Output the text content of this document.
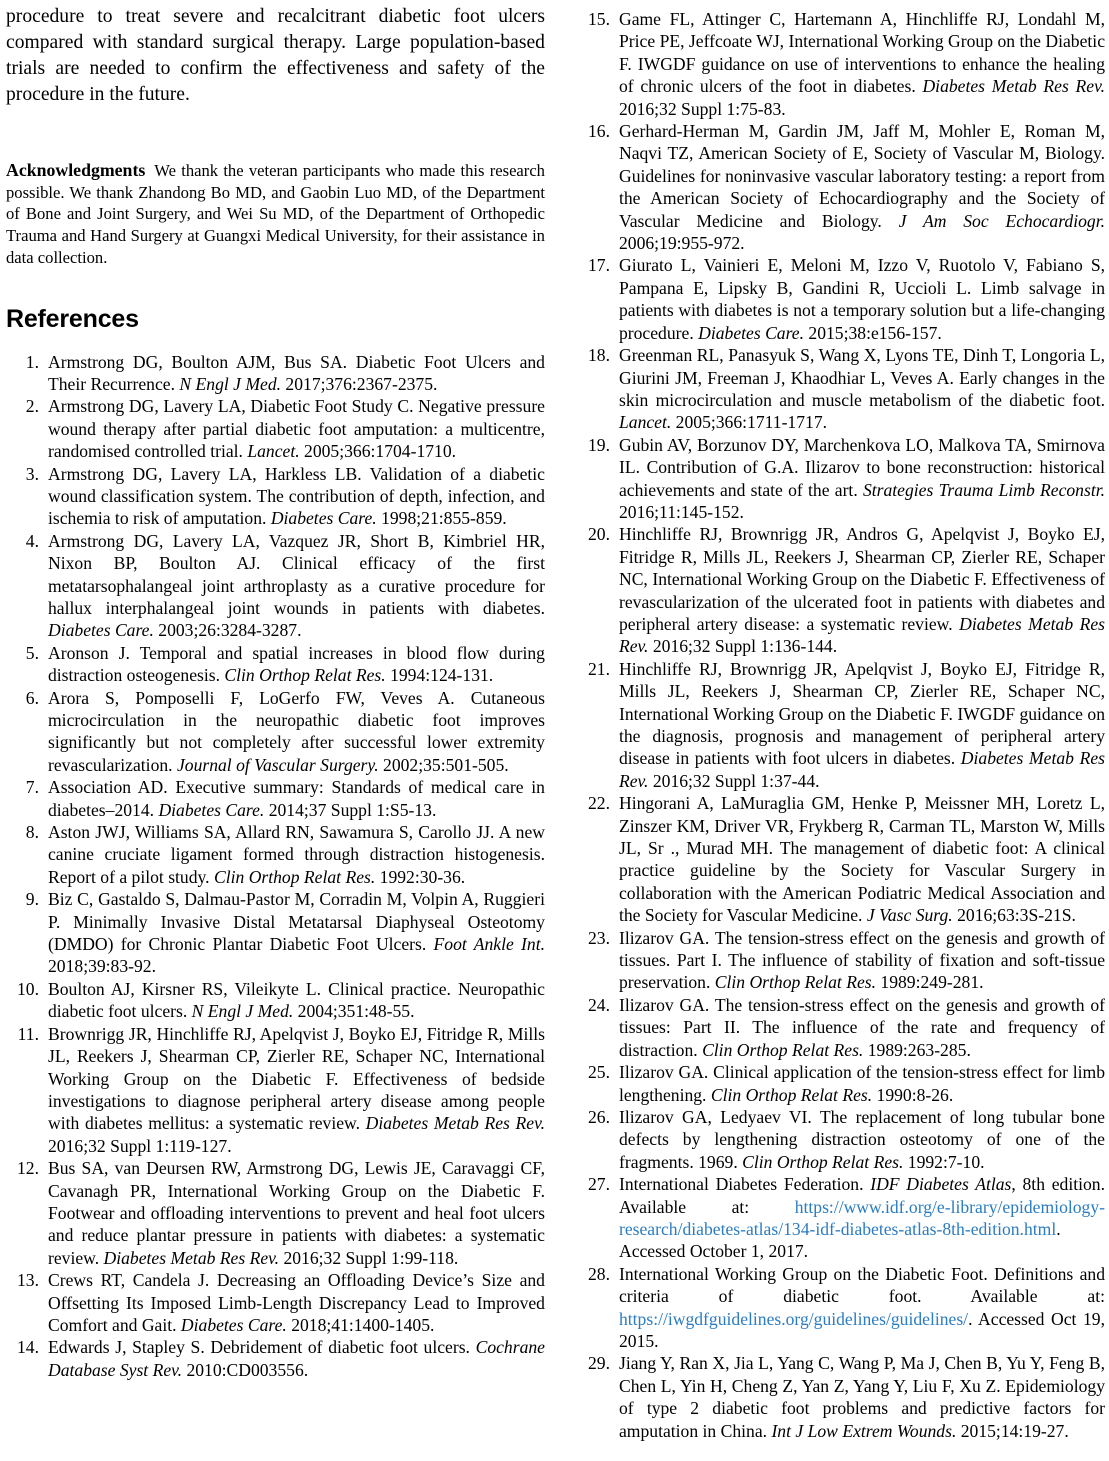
procedure to treat severe and recalcitrant diabetic foot ulcers compared with standard surgical therapy. Large population-based trials are needed to confirm the effectiveness and safety of the procedure in the future.

Acknowledgments We thank the veteran participants who made this research possible. We thank Zhandong Bo MD, and Gaobin Luo MD, of the Department of Bone and Joint Surgery, and Wei Su MD, of the Department of Orthopedic Trauma and Hand Surgery at Guangxi Medical University, for their assistance in data collection.

References
1. Armstrong DG, Boulton AJM, Bus SA. Diabetic Foot Ulcers and Their Recurrence. N Engl J Med. 2017;376:2367-2375.
2. Armstrong DG, Lavery LA, Diabetic Foot Study C. Negative pressure wound therapy after partial diabetic foot amputation: a multicentre, randomised controlled trial. Lancet. 2005;366:1704-1710.
3. Armstrong DG, Lavery LA, Harkless LB. Validation of a diabetic wound classification system. The contribution of depth, infection, and ischemia to risk of amputation. Diabetes Care. 1998;21:855-859.
4. Armstrong DG, Lavery LA, Vazquez JR, Short B, Kimbriel HR, Nixon BP, Boulton AJ. Clinical efficacy of the first metatarsophalangeal joint arthroplasty as a curative procedure for hallux interphalangeal joint wounds in patients with diabetes. Diabetes Care. 2003;26:3284-3287.
5. Aronson J. Temporal and spatial increases in blood flow during distraction osteogenesis. Clin Orthop Relat Res. 1994:124-131.
6. Arora S, Pomposelli F, LoGerfo FW, Veves A. Cutaneous microcirculation in the neuropathic diabetic foot improves significantly but not completely after successful lower extremity revascularization. Journal of Vascular Surgery. 2002;35:501-505.
7. Association AD. Executive summary: Standards of medical care in diabetes–2014. Diabetes Care. 2014;37 Suppl 1:S5-13.
8. Aston JWJ, Williams SA, Allard RN, Sawamura S, Carollo JJ. A new canine cruciate ligament formed through distraction histogenesis. Report of a pilot study. Clin Orthop Relat Res. 1992:30-36.
9. Biz C, Gastaldo S, Dalmau-Pastor M, Corradin M, Volpin A, Ruggieri P. Minimally Invasive Distal Metatarsal Diaphyseal Osteotomy (DMDO) for Chronic Plantar Diabetic Foot Ulcers. Foot Ankle Int. 2018;39:83-92.
10. Boulton AJ, Kirsner RS, Vileikyte L. Clinical practice. Neuropathic diabetic foot ulcers. N Engl J Med. 2004;351:48-55.
11. Brownrigg JR, Hinchliffe RJ, Apelqvist J, Boyko EJ, Fitridge R, Mills JL, Reekers J, Shearman CP, Zierler RE, Schaper NC, International Working Group on the Diabetic F. Effectiveness of bedside investigations to diagnose peripheral artery disease among people with diabetes mellitus: a systematic review. Diabetes Metab Res Rev. 2016;32 Suppl 1:119-127.
12. Bus SA, van Deursen RW, Armstrong DG, Lewis JE, Caravaggi CF, Cavanagh PR, International Working Group on the Diabetic F. Footwear and offloading interventions to prevent and heal foot ulcers and reduce plantar pressure in patients with diabetes: a systematic review. Diabetes Metab Res Rev. 2016;32 Suppl 1:99-118.
13. Crews RT, Candela J. Decreasing an Offloading Device’s Size and Offsetting Its Imposed Limb-Length Discrepancy Lead to Improved Comfort and Gait. Diabetes Care. 2018;41:1400-1405.
14. Edwards J, Stapley S. Debridement of diabetic foot ulcers. Cochrane Database Syst Rev. 2010:CD003556.
15. Game FL, Attinger C, Hartemann A, Hinchliffe RJ, Londahl M, Price PE, Jeffcoate WJ, International Working Group on the Diabetic F. IWGDF guidance on use of interventions to enhance the healing of chronic ulcers of the foot in diabetes. Diabetes Metab Res Rev. 2016;32 Suppl 1:75-83.
16. Gerhard-Herman M, Gardin JM, Jaff M, Mohler E, Roman M, Naqvi TZ, American Society of E, Society of Vascular M, Biology. Guidelines for noninvasive vascular laboratory testing: a report from the American Society of Echocardiography and the Society of Vascular Medicine and Biology. J Am Soc Echocardiogr. 2006;19:955-972.
17. Giurato L, Vainieri E, Meloni M, Izzo V, Ruotolo V, Fabiano S, Pampana E, Lipsky B, Gandini R, Uccioli L. Limb salvage in patients with diabetes is not a temporary solution but a life-changing procedure. Diabetes Care. 2015;38:e156-157.
18. Greenman RL, Panasyuk S, Wang X, Lyons TE, Dinh T, Longoria L, Giurini JM, Freeman J, Khaodhiar L, Veves A. Early changes in the skin microcirculation and muscle metabolism of the diabetic foot. Lancet. 2005;366:1711-1717.
19. Gubin AV, Borzunov DY, Marchenkova LO, Malkova TA, Smirnova IL. Contribution of G.A. Ilizarov to bone reconstruction: historical achievements and state of the art. Strategies Trauma Limb Reconstr. 2016;11:145-152.
20. Hinchliffe RJ, Brownrigg JR, Andros G, Apelqvist J, Boyko EJ, Fitridge R, Mills JL, Reekers J, Shearman CP, Zierler RE, Schaper NC, International Working Group on the Diabetic F. Effectiveness of revascularization of the ulcerated foot in patients with diabetes and peripheral artery disease: a systematic review. Diabetes Metab Res Rev. 2016;32 Suppl 1:136-144.
21. Hinchliffe RJ, Brownrigg JR, Apelqvist J, Boyko EJ, Fitridge R, Mills JL, Reekers J, Shearman CP, Zierler RE, Schaper NC, International Working Group on the Diabetic F. IWGDF guidance on the diagnosis, prognosis and management of peripheral artery disease in patients with foot ulcers in diabetes. Diabetes Metab Res Rev. 2016;32 Suppl 1:37-44.
22. Hingorani A, LaMuraglia GM, Henke P, Meissner MH, Loretz L, Zinszer KM, Driver VR, Frykberg R, Carman TL, Marston W, Mills JL, Sr ., Murad MH. The management of diabetic foot: A clinical practice guideline by the Society for Vascular Surgery in collaboration with the American Podiatric Medical Association and the Society for Vascular Medicine. J Vasc Surg. 2016;63:3S-21S.
23. Ilizarov GA. The tension-stress effect on the genesis and growth of tissues. Part I. The influence of stability of fixation and soft-tissue preservation. Clin Orthop Relat Res. 1989:249-281.
24. Ilizarov GA. The tension-stress effect on the genesis and growth of tissues: Part II. The influence of the rate and frequency of distraction. Clin Orthop Relat Res. 1989:263-285.
25. Ilizarov GA. Clinical application of the tension-stress effect for limb lengthening. Clin Orthop Relat Res. 1990:8-26.
26. Ilizarov GA, Ledyaev VI. The replacement of long tubular bone defects by lengthening distraction osteotomy of one of the fragments. 1969. Clin Orthop Relat Res. 1992:7-10.
27. International Diabetes Federation. IDF Diabetes Atlas, 8th edition. Available at: https://www.idf.org/e-library/epidemiology-research/diabetes-atlas/134-idf-diabetes-atlas-8th-edition.html. Accessed October 1, 2017.
28. International Working Group on the Diabetic Foot. Definitions and criteria of diabetic foot. Available at: https://iwgdfguidelines.org/guidelines/guidelines/. Accessed Oct 19, 2015.
29. Jiang Y, Ran X, Jia L, Yang C, Wang P, Ma J, Chen B, Yu Y, Feng B, Chen L, Yin H, Cheng Z, Yan Z, Yang Y, Liu F, Xu Z. Epidemiology of type 2 diabetic foot problems and predictive factors for amputation in China. Int J Low Extrem Wounds. 2015;14:19-27.
